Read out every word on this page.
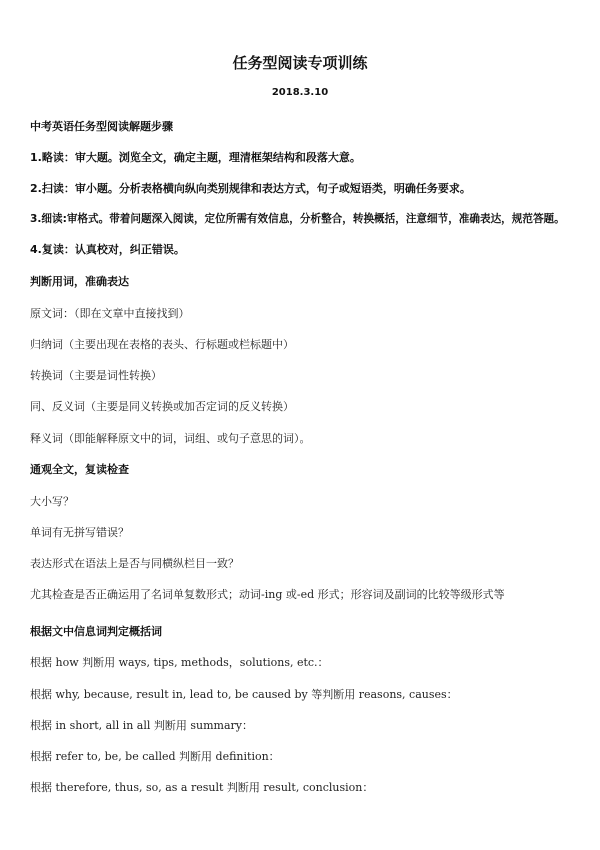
任务型阅读专项训练
2018.3.10
中考英语任务型阅读解题步骤
1.略读：审大题。浏览全文，确定主题，理清框架结构和段落大意。
2.扫读：审小题。分析表格横向纵向类别规律和表达方式，句子或短语类，明确任务要求。
3.细读:审格式。带着问题深入阅读，定位所需有效信息，分析整合，转换概括，注意细节，准确表达，规范答题。
4.复读：认真校对，纠正错误。
判断用词，准确表达
原文词：（即在文章中直接找到）
归纳词（主要出现在表格的表头、行标题或栏标题中）
转换词（主要是词性转换）
同、反义词（主要是同义转换或加否定词的反义转换）
释义词（即能解释原文中的词，词组、或句子意思的词）。
通观全文，复读检查
大小写？
单词有无拼写错误？
表达形式在语法上是否与同横纵栏目一致？
尤其检查是否正确运用了名词单复数形式；动词-ing 或-ed 形式；形容词及副词的比较等级形式等
根据文中信息词判定概括词
根据 how 判断用 ways, tips, methods，solutions, etc.：
根据 why, because, result in, lead to, be caused by 等判断用 reasons, causes：
根据 in short, all in all 判断用 summary：
根据 refer to, be, be called 判断用 definition：
根据 therefore, thus, so, as a result 判断用 result, conclusion：
